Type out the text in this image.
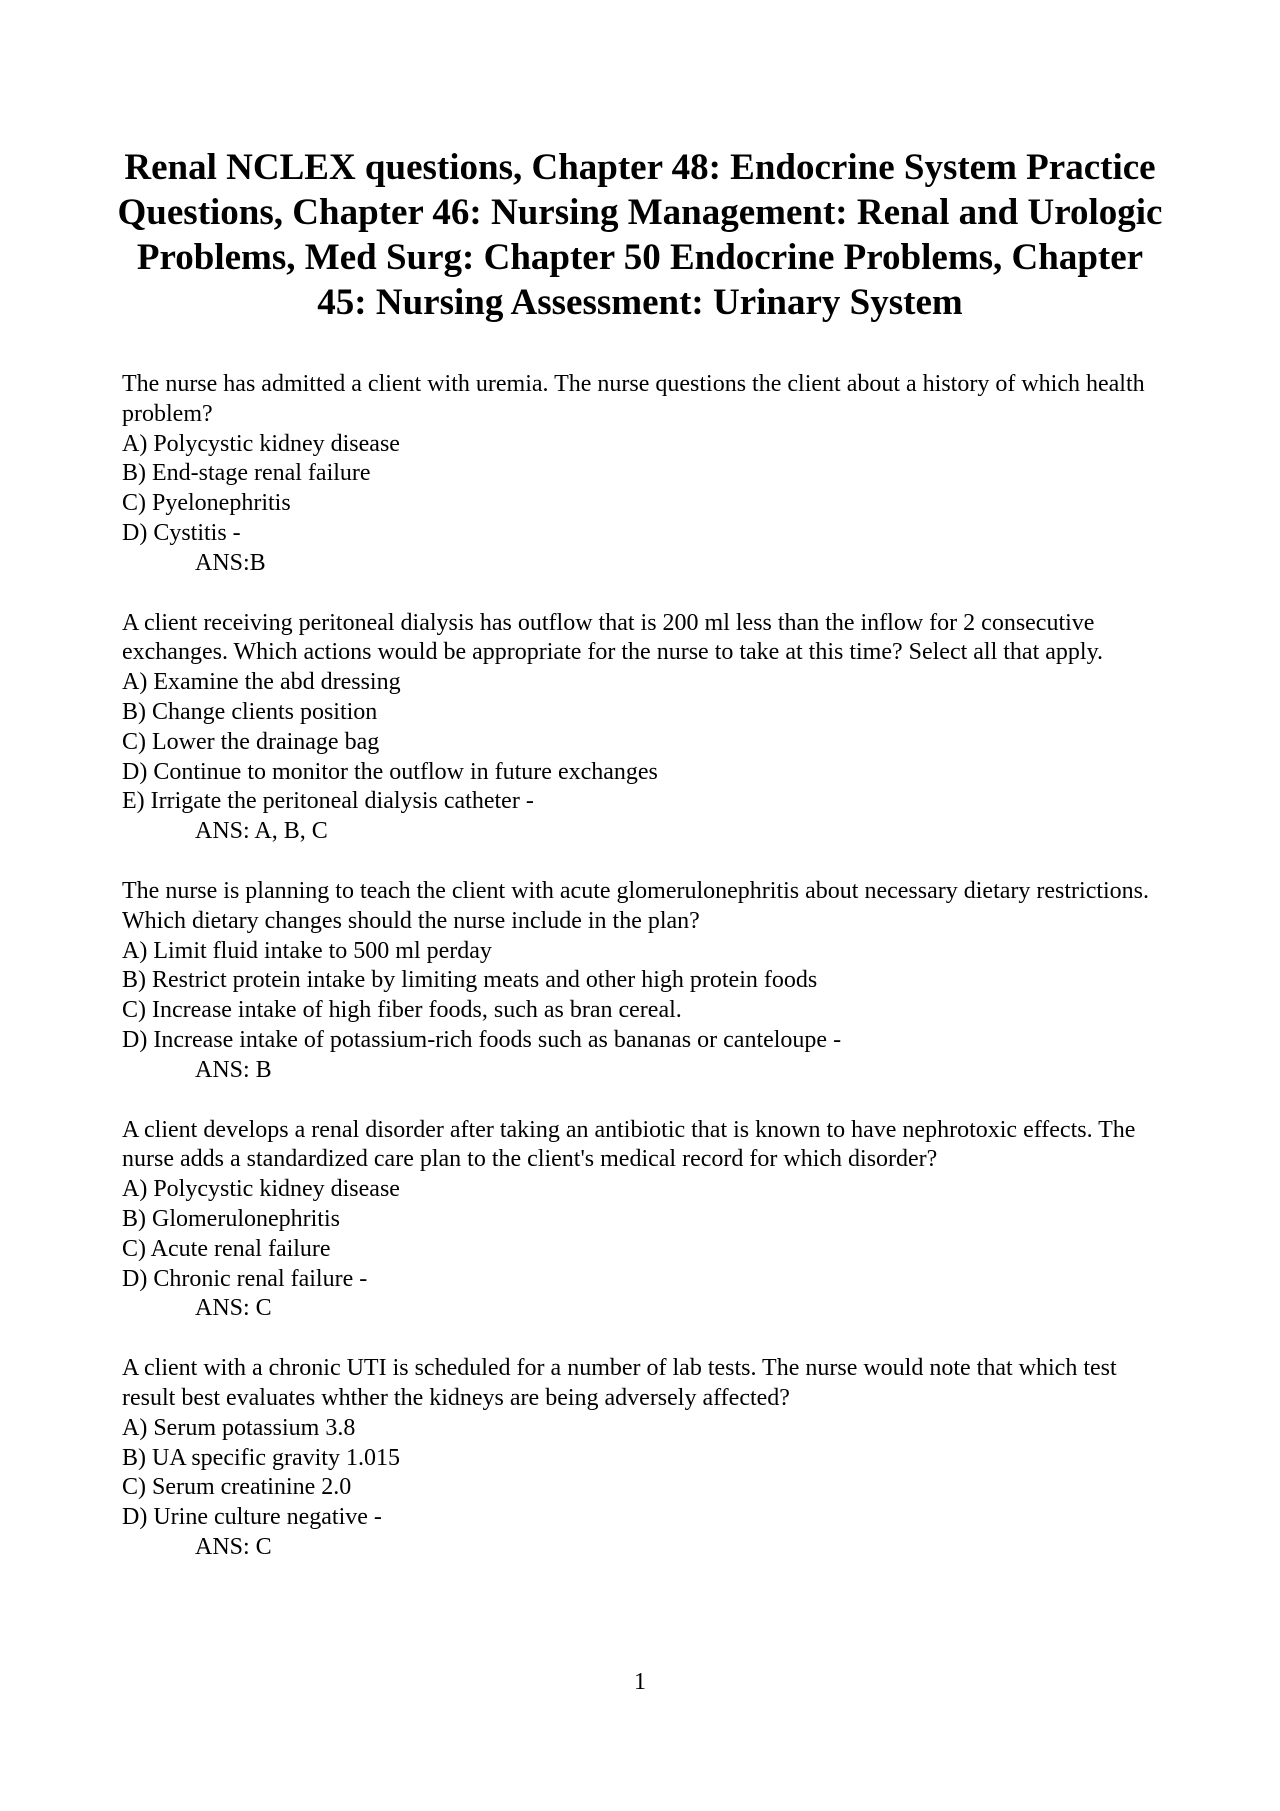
Renal NCLEX questions, Chapter 48: Endocrine System Practice Questions, Chapter 46: Nursing Management: Renal and Urologic Problems, Med Surg: Chapter 50 Endocrine Problems, Chapter 45: Nursing Assessment: Urinary System

The nurse has admitted a client with uremia. The nurse questions the client about a history of which health problem?

A) Polycystic kidney disease
B) End-stage renal failure
C) Pyelonephritis
D) Cystitis -

ANS:B

A client receiving peritoneal dialysis has outflow that is 200 ml less than the inflow for 2 consecutive exchanges. Which actions would be appropriate for the nurse to take at this time? Select all that apply.

A) Examine the abd dressing
B) Change clients position
C) Lower the drainage bag
D) Continue to monitor the outflow in future exchanges
E) Irrigate the peritoneal dialysis catheter -

ANS: A, B, C

The nurse is planning to teach the client with acute glomerulonephritis about necessary dietary restrictions. Which dietary changes should the nurse include in the plan?

A) Limit fluid intake to 500 ml perday
B) Restrict protein intake by limiting meats and other high protein foods
C) Increase intake of high fiber foods, such as bran cereal.
D) Increase intake of potassium-rich foods such as bananas or canteloupe -

ANS: B

A client develops a renal disorder after taking an antibiotic that is known to have nephrotoxic effects. The nurse adds a standardized care plan to the client's medical record for which disorder?

A) Polycystic kidney disease
B) Glomerulonephritis
C) Acute renal failure
D) Chronic renal failure -

ANS: C

A client with a chronic UTI is scheduled for a number of lab tests. The nurse would note that which test result best evaluates whther the kidneys are being adversely affected?

A) Serum potassium 3.8
B) UA specific gravity 1.015
C) Serum creatinine 2.0
D) Urine culture negative -

ANS: C

1
